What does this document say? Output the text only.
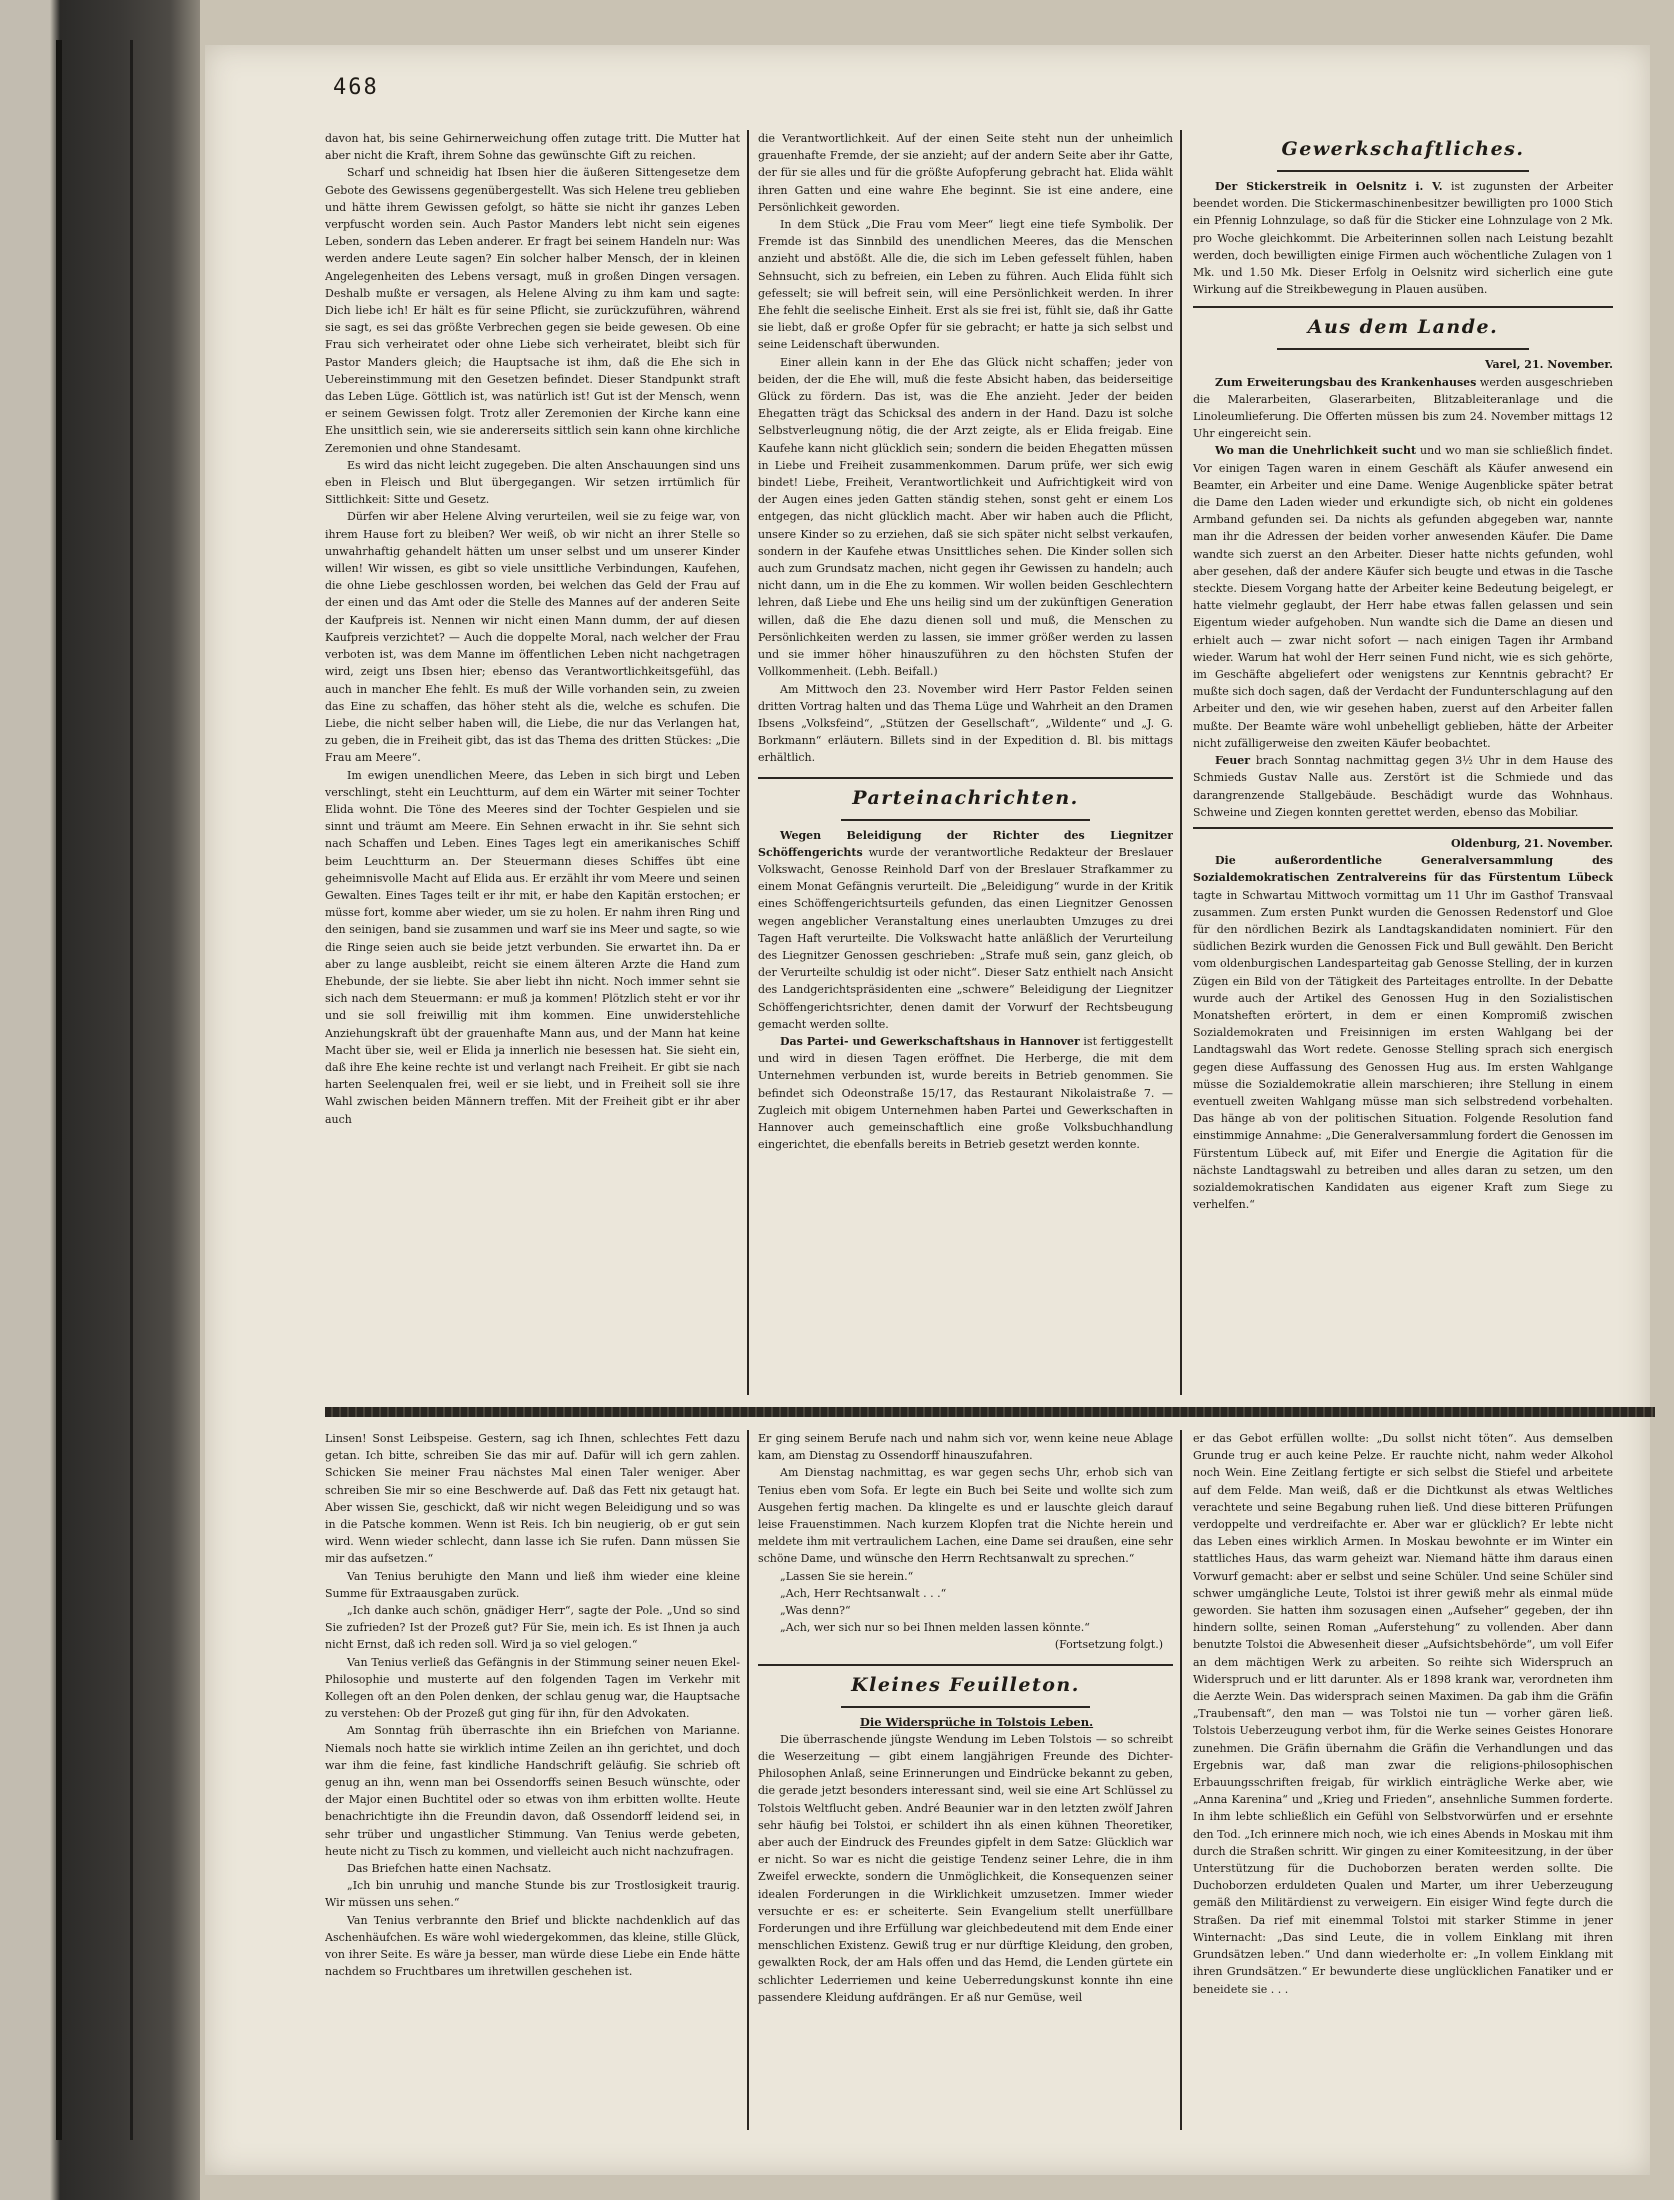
468

davon hat, bis seine Gehirnerweichung offen zutage tritt. Die Mutter hat aber nicht die Kraft, ihrem Sohne das gewünschte Gift zu reichen.

Scharf und schneidig hat Ibsen hier die äußeren Sittengesetze dem Gebote des Gewissens gegenübergestellt. Was sich Helene treu geblieben und hätte ihrem Gewissen gefolgt, so hätte sie nicht ihr ganzes Leben verpfuscht worden sein. Auch Pastor Manders lebt nicht sein eigenes Leben, sondern das Leben anderer. Er fragt bei seinem Handeln nur: Was werden andere Leute sagen? Ein solcher halber Mensch, der in kleinen Angelegenheiten des Lebens versagt, muß in großen Dingen versagen. Deshalb mußte er versagen, als Helene Alving zu ihm kam und sagte: Dich liebe ich! Er hält es für seine Pflicht, sie zurückzuführen, während sie sagt, es sei das größte Verbrechen gegen sie beide gewesen. Ob eine Frau sich verheiratet oder ohne Liebe sich verheiratet, bleibt sich für Pastor Manders gleich; die Hauptsache ist ihm, daß die Ehe sich in Uebereinstimmung mit den Gesetzen befindet. Dieser Standpunkt straft das Leben Lüge. Göttlich ist, was natürlich ist! Gut ist der Mensch, wenn er seinem Gewissen folgt. Trotz aller Zeremonien der Kirche kann eine Ehe unsittlich sein, wie sie andererseits sittlich sein kann ohne kirchliche Zeremonien und ohne Standesamt.

Es wird das nicht leicht zugegeben. Die alten Anschauungen sind uns eben in Fleisch und Blut übergegangen. Wir setzen irrtümlich für Sittlichkeit: Sitte und Gesetz.

Dürfen wir aber Helene Alving verurteilen, weil sie zu feige war, von ihrem Hause fort zu bleiben? Wer weiß, ob wir nicht an ihrer Stelle so unwahrhaftig gehandelt hätten um unser selbst und um unserer Kinder willen! Wir wissen, es gibt so viele unsittliche Verbindungen, Kaufehen, die ohne Liebe geschlossen worden, bei welchen das Geld der Frau auf der einen und das Amt oder die Stelle des Mannes auf der anderen Seite der Kaufpreis ist. Nennen wir nicht einen Mann dumm, der auf diesen Kaufpreis verzichtet? — Auch die doppelte Moral, nach welcher der Frau verboten ist, was dem Manne im öffentlichen Leben nicht nachgetragen wird, zeigt uns Ibsen hier; ebenso das Verantwortlichkeitsgefühl, das auch in mancher Ehe fehlt. Es muß der Wille vorhanden sein, zu zweien das Eine zu schaffen, das höher steht als die, welche es schufen. Die Liebe, die nicht selber haben will, die Liebe, die nur das Verlangen hat, zu geben, die in Freiheit gibt, das ist das Thema des dritten Stückes: „Die Frau am Meere“.

Im ewigen unendlichen Meere, das Leben in sich birgt und Leben verschlingt, steht ein Leuchtturm, auf dem ein Wärter mit seiner Tochter Elida wohnt. Die Töne des Meeres sind der Tochter Gespielen und sie sinnt und träumt am Meere. Ein Sehnen erwacht in ihr. Sie sehnt sich nach Schaffen und Leben. Eines Tages legt ein amerikanisches Schiff beim Leuchtturm an. Der Steuermann dieses Schiffes übt eine geheimnisvolle Macht auf Elida aus. Er erzählt ihr vom Meere und seinen Gewalten. Eines Tages teilt er ihr mit, er habe den Kapitän erstochen; er müsse fort, komme aber wieder, um sie zu holen. Er nahm ihren Ring und den seinigen, band sie zusammen und warf sie ins Meer und sagte, so wie die Ringe seien auch sie beide jetzt verbunden. Sie erwartet ihn. Da er aber zu lange ausbleibt, reicht sie einem älteren Arzte die Hand zum Ehebunde, der sie liebte. Sie aber liebt ihn nicht. Noch immer sehnt sie sich nach dem Steuermann: er muß ja kommen! Plötzlich steht er vor ihr und sie soll freiwillig mit ihm kommen. Eine unwiderstehliche Anziehungskraft übt der grauenhafte Mann aus, und der Mann hat keine Macht über sie, weil er Elida ja innerlich nie besessen hat. Sie sieht ein, daß ihre Ehe keine rechte ist und verlangt nach Freiheit. Er gibt sie nach harten Seelenqualen frei, weil er sie liebt, und in Freiheit soll sie ihre Wahl zwischen beiden Männern treffen. Mit der Freiheit gibt er ihr aber auch

die Verantwortlichkeit. Auf der einen Seite steht nun der unheimlich grauenhafte Fremde, der sie anzieht; auf der andern Seite aber ihr Gatte, der für sie alles und für die größte Aufopferung gebracht hat. Elida wählt ihren Gatten und eine wahre Ehe beginnt. Sie ist eine andere, eine Persönlichkeit geworden.

In dem Stück „Die Frau vom Meer“ liegt eine tiefe Symbolik. Der Fremde ist das Sinnbild des unendlichen Meeres, das die Menschen anzieht und abstößt. Alle die, die sich im Leben gefesselt fühlen, haben Sehnsucht, sich zu befreien, ein Leben zu führen. Auch Elida fühlt sich gefesselt; sie will befreit sein, will eine Persönlichkeit werden. In ihrer Ehe fehlt die seelische Einheit. Erst als sie frei ist, fühlt sie, daß ihr Gatte sie liebt, daß er große Opfer für sie gebracht; er hatte ja sich selbst und seine Leidenschaft überwunden.

Einer allein kann in der Ehe das Glück nicht schaffen; jeder von beiden, der die Ehe will, muß die feste Absicht haben, das beiderseitige Glück zu fördern. Das ist, was die Ehe anzieht. Jeder der beiden Ehegatten trägt das Schicksal des andern in der Hand. Dazu ist solche Selbstverleugnung nötig, die der Arzt zeigte, als er Elida freigab. Eine Kaufehe kann nicht glücklich sein; sondern die beiden Ehegatten müssen in Liebe und Freiheit zusammenkommen. Darum prüfe, wer sich ewig bindet! Liebe, Freiheit, Verantwortlichkeit und Aufrichtigkeit wird von der Augen eines jeden Gatten ständig stehen, sonst geht er einem Los entgegen, das nicht glücklich macht. Aber wir haben auch die Pflicht, unsere Kinder so zu erziehen, daß sie sich später nicht selbst verkaufen, sondern in der Kaufehe etwas Unsittliches sehen. Die Kinder sollen sich auch zum Grundsatz machen, nicht gegen ihr Gewissen zu handeln; auch nicht dann, um in die Ehe zu kommen. Wir wollen beiden Geschlechtern lehren, daß Liebe und Ehe uns heilig sind um der zukünftigen Generation willen, daß die Ehe dazu dienen soll und muß, die Menschen zu Persönlichkeiten werden zu lassen, sie immer größer werden zu lassen und sie immer höher hinauszuführen zu den höchsten Stufen der Vollkommenheit. (Lebh. Beifall.)

Am Mittwoch den 23. November wird Herr Pastor Felden seinen dritten Vortrag halten und das Thema Lüge und Wahrheit an den Dramen Ibsens „Volksfeind“, „Stützen der Gesellschaft“, „Wildente“ und „J. G. Borkmann“ erläutern. Billets sind in der Expedition d. Bl. bis mittags erhältlich.

Parteinachrichten.

Wegen Beleidigung der Richter des Liegnitzer Schöffengerichts wurde der verantwortliche Redakteur der Breslauer Volkswacht, Genosse Reinhold Darf von der Breslauer Strafkammer zu einem Monat Gefängnis verurteilt. Die „Beleidigung“ wurde in der Kritik eines Schöffengerichtsurteils gefunden, das einen Liegnitzer Genossen wegen angeblicher Veranstaltung eines unerlaubten Umzuges zu drei Tagen Haft verurteilte. Die Volkswacht hatte anläßlich der Verurteilung des Liegnitzer Genossen geschrieben: „Strafe muß sein, ganz gleich, ob der Verurteilte schuldig ist oder nicht“. Dieser Satz enthielt nach Ansicht des Landgerichtspräsidenten eine „schwere“ Beleidigung der Liegnitzer Schöffengerichtsrichter, denen damit der Vorwurf der Rechtsbeugung gemacht werden sollte.

Das Partei- und Gewerkschaftshaus in Hannover ist fertiggestellt und wird in diesen Tagen eröffnet. Die Herberge, die mit dem Unternehmen verbunden ist, wurde bereits in Betrieb genommen. Sie befindet sich Odeonstraße 15/17, das Restaurant Nikolaistraße 7. — Zugleich mit obigem Unternehmen haben Partei und Gewerkschaften in Hannover auch gemeinschaftlich eine große Volksbuchhandlung eingerichtet, die ebenfalls bereits in Betrieb gesetzt werden konnte.

Gewerkschaftliches.

Der Stickerstreik in Oelsnitz i. V. ist zugunsten der Arbeiter beendet worden. Die Stickermaschinenbesitzer bewilligten pro 1000 Stich ein Pfennig Lohnzulage, so daß für die Sticker eine Lohnzulage von 2 Mk. pro Woche gleichkommt. Die Arbeiterinnen sollen nach Leistung bezahlt werden, doch bewilligten einige Firmen auch wöchentliche Zulagen von 1 Mk. und 1.50 Mk. Dieser Erfolg in Oelsnitz wird sicherlich eine gute Wirkung auf die Streikbewegung in Plauen ausüben.

Aus dem Lande.

Varel, 21. November.

Zum Erweiterungsbau des Krankenhauses werden ausgeschrieben die Malerarbeiten, Glaserarbeiten, Blitzableiteranlage und die Linoleumlieferung. Die Offerten müssen bis zum 24. November mittags 12 Uhr eingereicht sein.

Wo man die Unehrlichkeit sucht und wo man sie schließlich findet. Vor einigen Tagen waren in einem Geschäft als Käufer anwesend ein Beamter, ein Arbeiter und eine Dame. Wenige Augenblicke später betrat die Dame den Laden wieder und erkundigte sich, ob nicht ein goldenes Armband gefunden sei. Da nichts als gefunden abgegeben war, nannte man ihr die Adressen der beiden vorher anwesenden Käufer. Die Dame wandte sich zuerst an den Arbeiter. Dieser hatte nichts gefunden, wohl aber gesehen, daß der andere Käufer sich beugte und etwas in die Tasche steckte. Diesem Vorgang hatte der Arbeiter keine Bedeutung beigelegt, er hatte vielmehr geglaubt, der Herr habe etwas fallen gelassen und sein Eigentum wieder aufgehoben. Nun wandte sich die Dame an diesen und erhielt auch — zwar nicht sofort — nach einigen Tagen ihr Armband wieder. Warum hat wohl der Herr seinen Fund nicht, wie es sich gehörte, im Geschäfte abgeliefert oder wenigstens zur Kenntnis gebracht? Er mußte sich doch sagen, daß der Verdacht der Fundunterschlagung auf den Arbeiter und den, wie wir gesehen haben, zuerst auf den Arbeiter fallen mußte. Der Beamte wäre wohl unbehelligt geblieben, hätte der Arbeiter nicht zufälligerweise den zweiten Käufer beobachtet.

Feuer brach Sonntag nachmittag gegen 3½ Uhr in dem Hause des Schmieds Gustav Nalle aus. Zerstört ist die Schmiede und das darangrenzende Stallgebäude. Beschädigt wurde das Wohnhaus. Schweine und Ziegen konnten gerettet werden, ebenso das Mobiliar.

Oldenburg, 21. November.

Die außerordentliche Generalversammlung des Sozialdemokratischen Zentralvereins für das Fürstentum Lübeck tagte in Schwartau Mittwoch vormittag um 11 Uhr im Gasthof Transvaal zusammen. Zum ersten Punkt wurden die Genossen Redenstorf und Gloe für den nördlichen Bezirk als Landtagskandidaten nominiert. Für den südlichen Bezirk wurden die Genossen Fick und Bull gewählt. Den Bericht vom oldenburgischen Landesparteitag gab Genosse Stelling, der in kurzen Zügen ein Bild von der Tätigkeit des Parteitages entrollte. In der Debatte wurde auch der Artikel des Genossen Hug in den Sozialistischen Monatsheften erörtert, in dem er einen Kompromiß zwischen Sozialdemokraten und Freisinnigen im ersten Wahlgang bei der Landtagswahl das Wort redete. Genosse Stelling sprach sich energisch gegen diese Auffassung des Genossen Hug aus. Im ersten Wahlgange müsse die Sozialdemokratie allein marschieren; ihre Stellung in einem eventuell zweiten Wahlgang müsse man sich selbstredend vorbehalten. Das hänge ab von der politischen Situation. Folgende Resolution fand einstimmige Annahme: „Die Generalversammlung fordert die Genossen im Fürstentum Lübeck auf, mit Eifer und Energie die Agitation für die nächste Landtagswahl zu betreiben und alles daran zu setzen, um den sozialdemokratischen Kandidaten aus eigener Kraft zum Siege zu verhelfen.“

Linsen! Sonst Leibspeise. Gestern, sag ich Ihnen, schlechtes Fett dazu getan. Ich bitte, schreiben Sie das mir auf. Dafür will ich gern zahlen. Schicken Sie meiner Frau nächstes Mal einen Taler weniger. Aber schreiben Sie mir so eine Beschwerde auf. Daß das Fett nix getaugt hat. Aber wissen Sie, geschickt, daß wir nicht wegen Beleidigung und so was in die Patsche kommen. Wenn ist Reis. Ich bin neugierig, ob er gut sein wird. Wenn wieder schlecht, dann lasse ich Sie rufen. Dann müssen Sie mir das aufsetzen.“

Van Tenius beruhigte den Mann und ließ ihm wieder eine kleine Summe für Extraausgaben zurück.

„Ich danke auch schön, gnädiger Herr“, sagte der Pole. „Und so sind Sie zufrieden? Ist der Prozeß gut? Für Sie, mein ich. Es ist Ihnen ja auch nicht Ernst, daß ich reden soll. Wird ja so viel gelogen.“

Van Tenius verließ das Gefängnis in der Stimmung seiner neuen Ekel-Philosophie und musterte auf den folgenden Tagen im Verkehr mit Kollegen oft an den Polen denken, der schlau genug war, die Hauptsache zu verstehen: Ob der Prozeß gut ging für ihn, für den Advokaten.

Am Sonntag früh überraschte ihn ein Briefchen von Marianne. Niemals noch hatte sie wirklich intime Zeilen an ihn gerichtet, und doch war ihm die feine, fast kindliche Handschrift geläufig. Sie schrieb oft genug an ihn, wenn man bei Ossendorffs seinen Besuch wünschte, oder der Major einen Buchtitel oder so etwas von ihm erbitten wollte. Heute benachrichtigte ihn die Freundin davon, daß Ossendorff leidend sei, in sehr trüber und ungastlicher Stimmung. Van Tenius werde gebeten, heute nicht zu Tisch zu kommen, und vielleicht auch nicht nachzufragen.

Das Briefchen hatte einen Nachsatz.

„Ich bin unruhig und manche Stunde bis zur Trostlosigkeit traurig. Wir müssen uns sehen.“

Van Tenius verbrannte den Brief und blickte nachdenklich auf das Aschenhäufchen. Es wäre wohl wiedergekommen, das kleine, stille Glück, von ihrer Seite. Es wäre ja besser, man würde diese Liebe ein Ende hätte nachdem so Fruchtbares um ihretwillen geschehen ist.

Er ging seinem Berufe nach und nahm sich vor, wenn keine neue Ablage kam, am Dienstag zu Ossendorff hinauszufahren.

Am Dienstag nachmittag, es war gegen sechs Uhr, erhob sich van Tenius eben vom Sofa. Er legte ein Buch bei Seite und wollte sich zum Ausgehen fertig machen. Da klingelte es und er lauschte gleich darauf leise Frauenstimmen. Nach kurzem Klopfen trat die Nichte herein und meldete ihm mit vertraulichem Lachen, eine Dame sei draußen, eine sehr schöne Dame, und wünsche den Herrn Rechtsanwalt zu sprechen.“

„Lassen Sie sie herein.“

„Ach, Herr Rechtsanwalt . . .“

„Was denn?“

„Ach, wer sich nur so bei Ihnen melden lassen könnte.“

(Fortsetzung folgt.)

Kleines Feuilleton.

Die Widersprüche in Tolstois Leben.

Die überraschende jüngste Wendung im Leben Tolstois — so schreibt die Weserzeitung — gibt einem langjährigen Freunde des Dichter-Philosophen Anlaß, seine Erinnerungen und Eindrücke bekannt zu geben, die gerade jetzt besonders interessant sind, weil sie eine Art Schlüssel zu Tolstois Weltflucht geben. André Beaunier war in den letzten zwölf Jahren sehr häufig bei Tolstoi, er schildert ihn als einen kühnen Theoretiker, aber auch der Eindruck des Freundes gipfelt in dem Satze: Glücklich war er nicht. So war es nicht die geistige Tendenz seiner Lehre, die in ihm Zweifel erweckte, sondern die Unmöglichkeit, die Konsequenzen seiner idealen Forderungen in die Wirklichkeit umzusetzen. Immer wieder versuchte er es: er scheiterte. Sein Evangelium stellt unerfüllbare Forderungen und ihre Erfüllung war gleichbedeutend mit dem Ende einer menschlichen Existenz. Gewiß trug er nur dürftige Kleidung, den groben, gewalkten Rock, der am Hals offen und das Hemd, die Lenden gürtete ein schlichter Lederriemen und keine Ueberredungskunst konnte ihn eine passendere Kleidung aufdrängen. Er aß nur Gemüse, weil

er das Gebot erfüllen wollte: „Du sollst nicht töten“. Aus demselben Grunde trug er auch keine Pelze. Er rauchte nicht, nahm weder Alkohol noch Wein. Eine Zeitlang fertigte er sich selbst die Stiefel und arbeitete auf dem Felde. Man weiß, daß er die Dichtkunst als etwas Weltliches verachtete und seine Begabung ruhen ließ. Und diese bitteren Prüfungen verdoppelte und verdreifachte er. Aber war er glücklich? Er lebte nicht das Leben eines wirklich Armen. In Moskau bewohnte er im Winter ein stattliches Haus, das warm geheizt war. Niemand hätte ihm daraus einen Vorwurf gemacht: aber er selbst und seine Schüler. Und seine Schüler sind schwer umgängliche Leute, Tolstoi ist ihrer gewiß mehr als einmal müde geworden. Sie hatten ihm sozusagen einen „Aufseher“ gegeben, der ihn hindern sollte, seinen Roman „Auferstehung“ zu vollenden. Aber dann benutzte Tolstoi die Abwesenheit dieser „Aufsichtsbehörde“, um voll Eifer an dem mächtigen Werk zu arbeiten. So reihte sich Widerspruch an Widerspruch und er litt darunter. Als er 1898 krank war, verordneten ihm die Aerzte Wein. Das widersprach seinen Maximen. Da gab ihm die Gräfin „Traubensaft“, den man — was Tolstoi nie tun — vorher gären ließ. Tolstois Ueberzeugung verbot ihm, für die Werke seines Geistes Honorare zunehmen. Die Gräfin übernahm die Gräfin die Verhandlungen und das Ergebnis war, daß man zwar die religions-philosophischen Erbauungsschriften freigab, für wirklich einträgliche Werke aber, wie „Anna Karenina“ und „Krieg und Frieden“, ansehnliche Summen forderte. In ihm lebte schließlich ein Gefühl von Selbstvorwürfen und er ersehnte den Tod. „Ich erinnere mich noch, wie ich eines Abends in Moskau mit ihm durch die Straßen schritt. Wir gingen zu einer Komiteesitzung, in der über Unterstützung für die Duchoborzen beraten werden sollte. Die Duchoborzen erduldeten Qualen und Marter, um ihrer Ueberzeugung gemäß den Militärdienst zu verweigern. Ein eisiger Wind fegte durch die Straßen. Da rief mit einemmal Tolstoi mit starker Stimme in jener Winternacht: „Das sind Leute, die in vollem Einklang mit ihren Grundsätzen leben.“ Und dann wiederholte er: „In vollem Einklang mit ihren Grundsätzen.“ Er bewunderte diese unglücklichen Fanatiker und er beneidete sie . . .
